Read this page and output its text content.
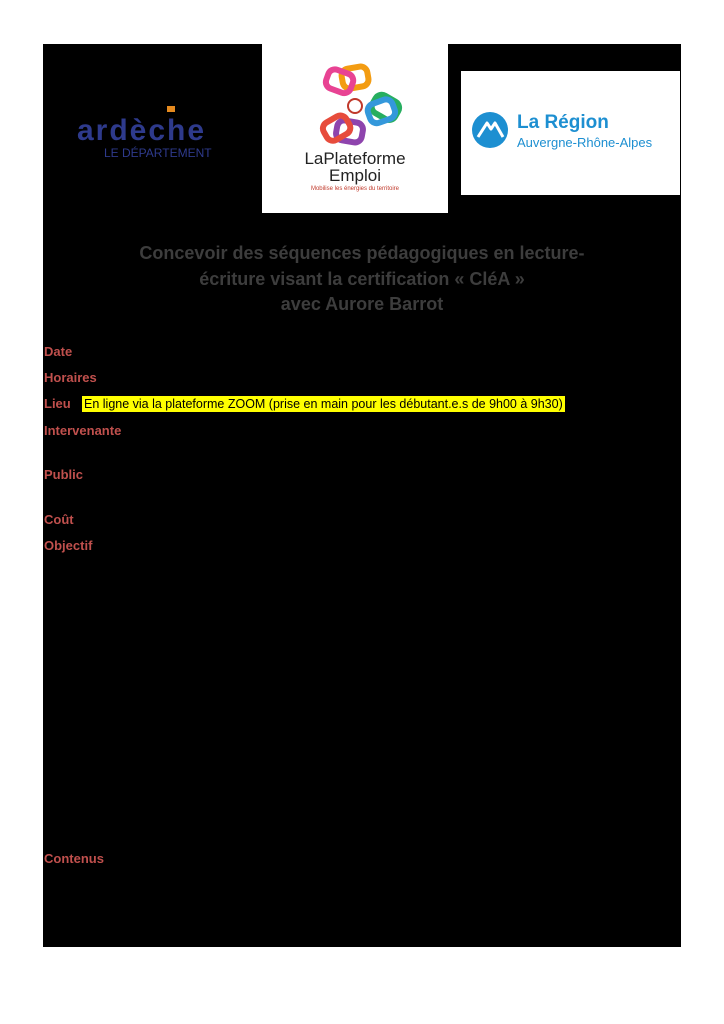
ardèche
LE DÉPARTEMENT	LaPlateforme
Emploi
Mobilise les énergies du territoire
La Région
Auvergne-Rhône-Alpes
Concevoir des séquences pédagogiques en lecture-
écriture visant la certification « CléA »
avec Aurore Barrot
Date
Horaires
Lieu En ligne via la plateforme ZOOM (prise en main pour les débutant.e.s de 9h00 à 9h30)
Intervenante
Public
Coût
Objectif
Contenus
